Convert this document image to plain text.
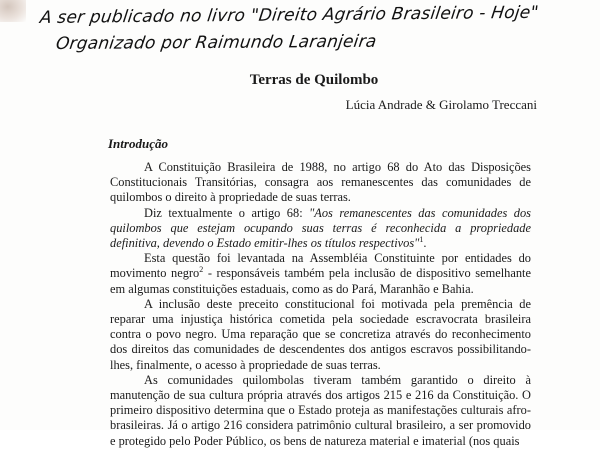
A ser publicado no livro "Direito Agrário Brasileiro - Hoje"
Organizado por Raimundo Laranjeira
Terras de Quilombo
Lúcia Andrade & Girolamo Treccani
Introdução

A Constituição Brasileira de 1988, no artigo 68 do Ato das Disposições Constitucionais Transitórias, consagra aos remanescentes das comunidades de quilombos o direito à propriedade de suas terras.

Diz textualmente o artigo 68: "Aos remanescentes das comunidades dos quilombos que estejam ocupando suas terras é reconhecida a propriedade definitiva, devendo o Estado emitir-lhes os títulos respectivos"$^1$.

Esta questão foi levantada na Assembléia Constituinte por entidades do movimento negro$^2$ - responsáveis também pela inclusão de dispositivo semelhante em algumas constituições estaduais, como as do Pará, Maranhão e Bahia.

A inclusão deste preceito constitucional foi motivada pela premência de reparar uma injustiça histórica cometida pela sociedade escravocrata brasileira contra o povo negro. Uma reparação que se concretiza através do reconhecimento dos direitos das comunidades de descendentes dos antigos escravos possibilitando-lhes, finalmente, o acesso à propriedade de suas terras.

As comunidades quilombolas tiveram também garantido o direito à manutenção de sua cultura própria através dos artigos 215 e 216 da Constituição. O primeiro dispositivo determina que o Estado proteja as manifestações culturais afro-brasileiras. Já o artigo 216 considera patrimônio cultural brasileiro, a ser promovido e protegido pelo Poder Público, os bens de natureza material e imaterial (nos quais
